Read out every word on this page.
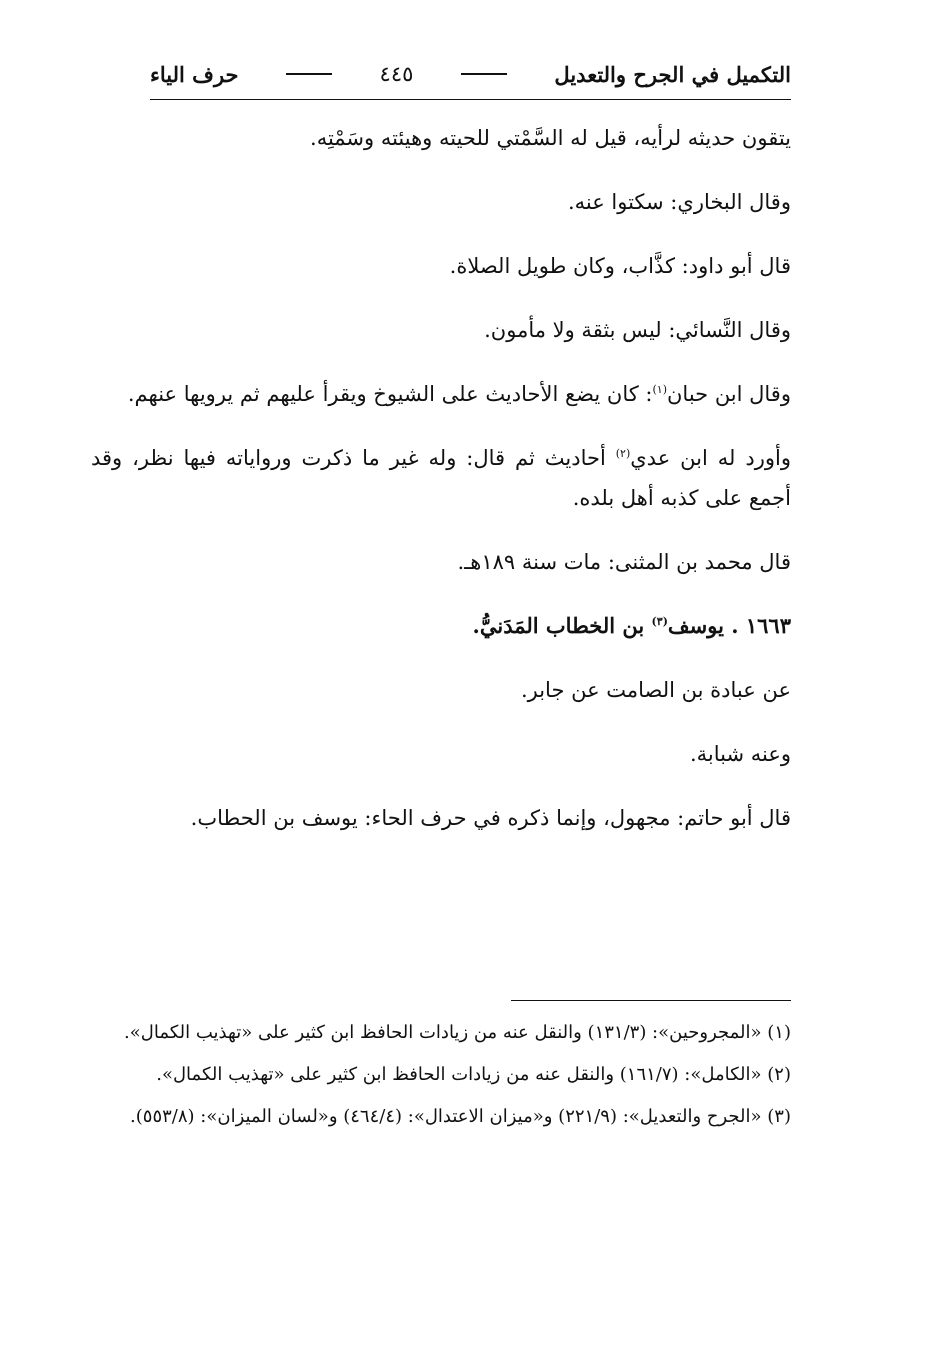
التكميل في الجرح والتعديل
٤٤٥
حرف الياء

يتقون حديثه لرأيه، قيل له السَّمْتي للحيته وهيئته وسَمْتِه.

وقال البخاري: سكتوا عنه.

قال أبو داود: كذَّاب، وكان طويل الصلاة.

وقال النَّسائي: ليس بثقة ولا مأمون.

وقال ابن حبان$^{(١)}$: كان يضع الأحاديث على الشيوخ ويقرأ عليهم ثم يرويها عنهم.

وأورد له ابن عدي$^{(٢)}$ أحاديث ثم قال: وله غير ما ذكرت ورواياته فيها نظر، وقد أجمع على كذبه أهل بلده.

قال محمد بن المثنى: مات سنة ١٨٩هـ.

١٦٦٣ . يوسف$^{(٣)}$ بن الخطاب المَدَنيُّ.

عن عبادة بن الصامت عن جابر.

وعنه شبابة.

قال أبو حاتم: مجهول، وإنما ذكره في حرف الحاء: يوسف بن الحطاب.

(١) «المجروحين»: (١٣١/٣) والنقل عنه من زيادات الحافظ ابن كثير على «تهذيب الكمال».

(٢) «الكامل»: (١٦١/٧) والنقل عنه من زيادات الحافظ ابن كثير على «تهذيب الكمال».

(٣) «الجرح والتعديل»: (٢٢١/٩) و«ميزان الاعتدال»: (٤٦٤/٤) و«لسان الميزان»: (٥٥٣/٨).
